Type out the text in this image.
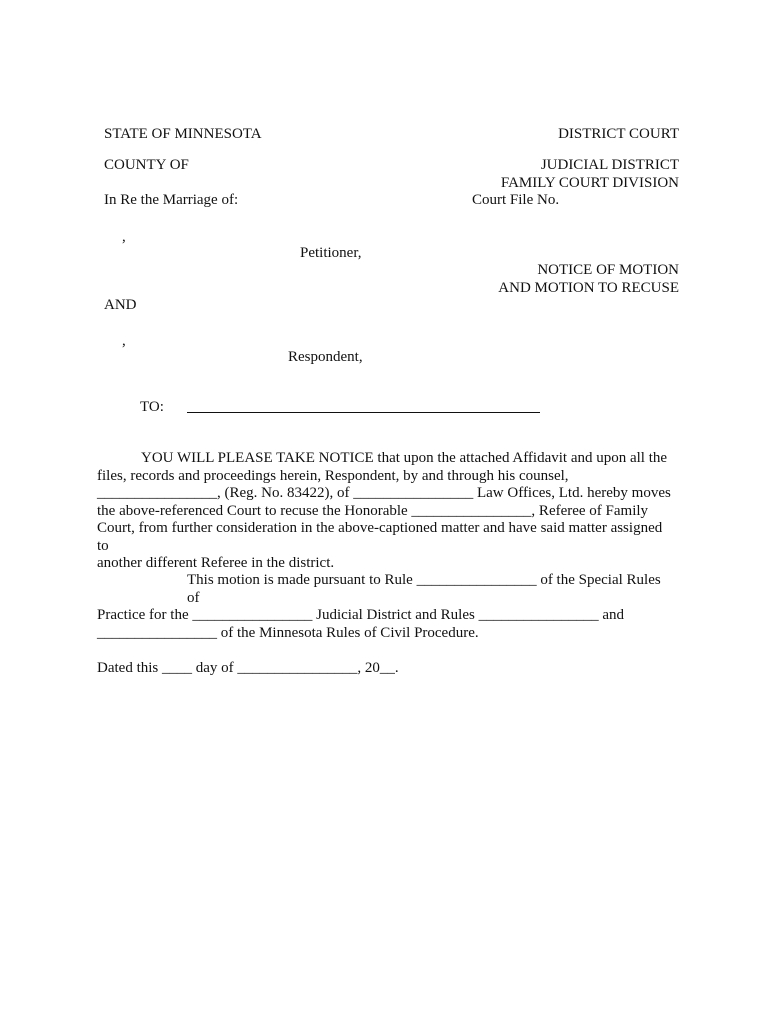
STATE OF MINNESOTA	DISTRICT COURT
COUNTY OF	JUDICIAL DISTRICT
FAMILY COURT DIVISION
In Re the Marriage of:	Court File No.
,
Petitioner,
NOTICE OF MOTION
AND MOTION TO RECUSE
AND
,
Respondent,
TO:
YOU WILL PLEASE TAKE NOTICE that upon the attached Affidavit and upon all the
files, records and proceedings herein, Respondent, by and through his counsel,
________________, (Reg. No. 83422), of ________________ Law Offices, Ltd. hereby moves
the above-referenced Court to recuse the Honorable ________________, Referee of Family
Court, from further consideration in the above-captioned matter and have said matter assigned to
another different Referee in the district.
This motion is made pursuant to Rule ________________ of the Special Rules of
Practice for the ________________ Judicial District and Rules ________________ and
________________ of the Minnesota Rules of Civil Procedure.
Dated this ____ day of ________________, 20__.
